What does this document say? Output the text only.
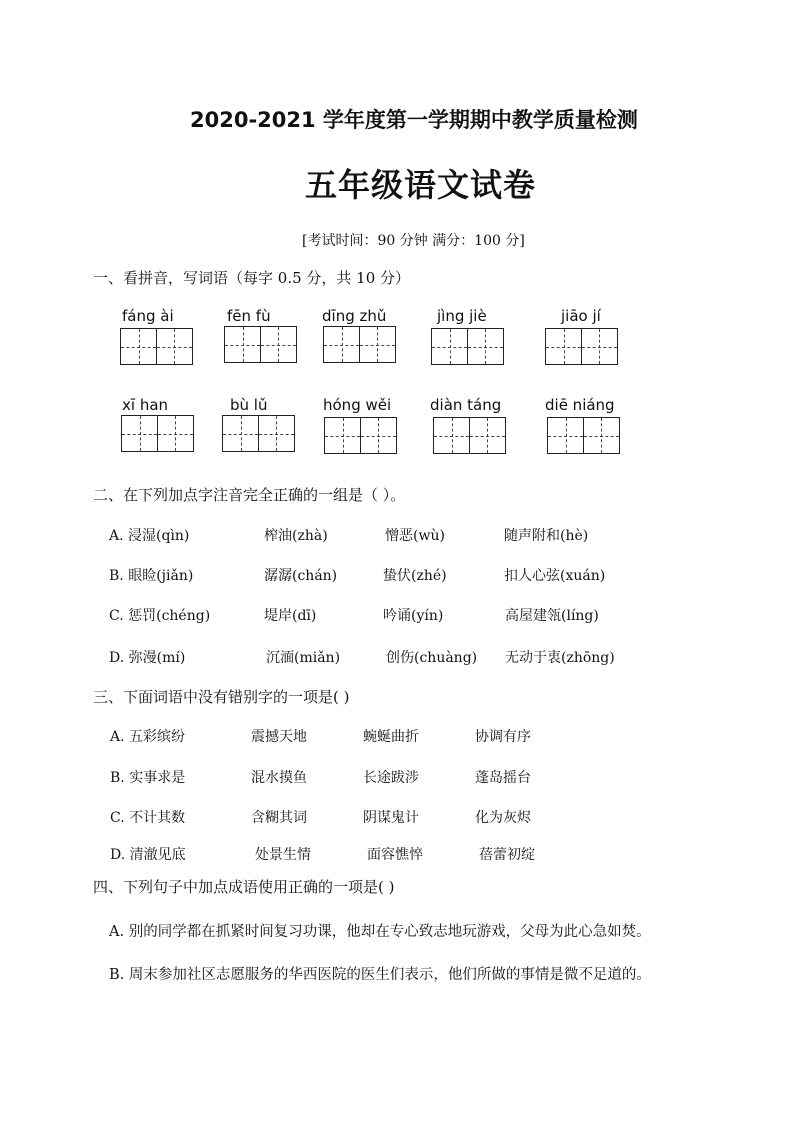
2020-2021 学年度第一学期期中教学质量检测
五年级语文试卷
[考试时间：90 分钟 满分：100 分]
一、看拼音，写词语（每字 0.5 分，共 10 分）
fáng ài	fēn fù	dīng zhǔ	jìng jiè	jiāo jí
xī han	bù lǔ	hóng wěi	diàn táng	diē niáng
二、在下列加点字注音完全正确的一组是（ ）。
A. 浸湿(qìn)	榨油(zhà)	憎恶(wù)	随声附和(hè)
B. 眼睑(jiǎn)	潺潺(chán)	蛰伏(zhé)	扣人心弦(xuán)
C. 惩罚(chéng)	堤岸(dī)	吟诵(yín)	高屋建瓴(líng)
D. 弥漫(mí)	沉湎(miǎn)	创伤(chuàng) 无动于衷(zhōng)
三、下面词语中没有错别字的一项是( )
A. 五彩缤纷	震撼天地	蜿蜒曲折	协调有序
B. 实事求是	混水摸鱼	长途跋涉	蓬岛摇台
C. 不计其数	含糊其词	阴谋鬼计	化为灰烬
D. 清澈见底	处景生情	面容憔悴	蓓蕾初绽
四、下列句子中加点成语使用正确的一项是( )
A. 别的同学都在抓紧时间复习功课，他却在专心致志地玩游戏，父母为此心急如焚。
B. 周末参加社区志愿服务的华西医院的医生们表示，他们所做的事情是微不足道的。
